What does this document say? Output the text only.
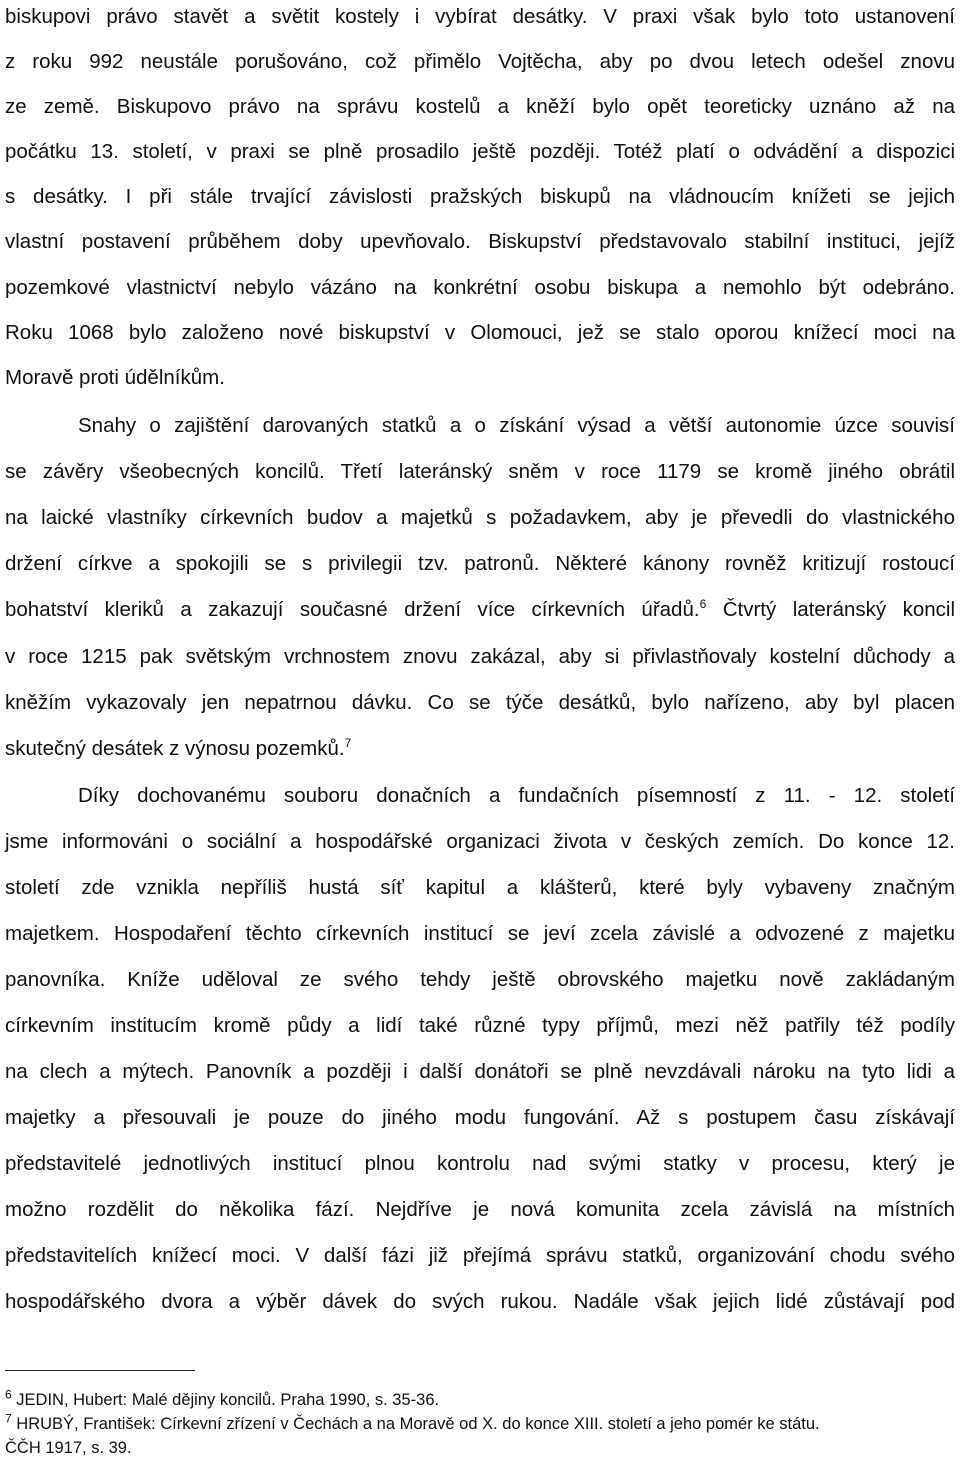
biskupovi právo stavět a světit kostely i vybírat desátky. V praxi však bylo toto ustanovení
z roku 992 neustále porušováno, což přimělo Vojtěcha, aby po dvou letech odešel znovu
ze země. Biskupovo právo na správu kostelů a kněží bylo opět teoreticky uznáno až na
počátku 13. století, v praxi se plně prosadilo ještě později. Totéž platí o odvádění a dispozici
s desátky. I při stále trvající závislosti pražských biskupů na vládnoucím knížeti se jejich
vlastní postavení průběhem doby upevňovalo. Biskupství představovalo stabilní instituci, jejíž
pozemkové vlastnictví nebylo vázáno na konkrétní osobu biskupa a nemohlo být odebráno.
Roku 1068 bylo založeno nové biskupství v Olomouci, jež se stalo oporou knížecí moci na
Moravě proti údělníkům.
Snahy o zajištění darovaných statků a o získání výsad a větší autonomie úzce souvisí
se závěry všeobecných koncilů. Třetí lateránský sněm v roce 1179 se kromě jiného obrátil
na laické vlastníky církevních budov a majetků s požadavkem, aby je převedli do vlastnického
držení církve a spokojili se s privilegii tzv. patronů. Některé kánony rovněž kritizují rostoucí
bohatství kleriků a zakazují současné držení více církevních úřadů.$^6$ Čtvrtý lateránský koncil
v roce 1215 pak světským vrchnostem znovu zakázal, aby si přivlastňovaly kostelní důchody a
kněžím vykazovaly jen nepatrnou dávku. Co se týče desátků, bylo nařízeno, aby byl placen
skutečný desátek z výnosu pozemků.$^7$
Díky dochovanému souboru donačních a fundačních písemností z 11. - 12. století
jsme informováni o sociální a hospodářské organizaci života v českých zemích. Do konce 12.
století zde vznikla nepříliš hustá síť kapitul a klášterů, které byly vybaveny značným
majetkem. Hospodaření těchto církevních institucí se jeví zcela závislé a odvozené z majetku
panovníka. Kníže uděloval ze svého tehdy ještě obrovského majetku nově zakládaným
církevním institucím kromě půdy a lidí také různé typy příjmů, mezi něž patřily též podíly
na clech a mýtech. Panovník a později i další donátoři se plně nevzdávali nároku na tyto lidi a
majetky a přesouvali je pouze do jiného modu fungování. Až s postupem času získávají
představitelé jednotlivých institucí plnou kontrolu nad svými statky v procesu, který je
možno rozdělit do několika fází. Nejdříve je nová komunita zcela závislá na místních
představitelích knížecí moci. V další fázi již přejímá správu statků, organizování chodu svého
hospodářského dvora a výběr dávek do svých rukou. Nadále však jejich lidé zůstávají pod
$^6$ JEDIN, Hubert: Malé dějiny koncilů. Praha 1990, s. 35-36.
$^7$ HRUBÝ, František: Církevní zřízení v Čechách a na Moravě od X. do konce XIII. století a jeho pomér ke státu.
ČČH 1917, s. 39.
